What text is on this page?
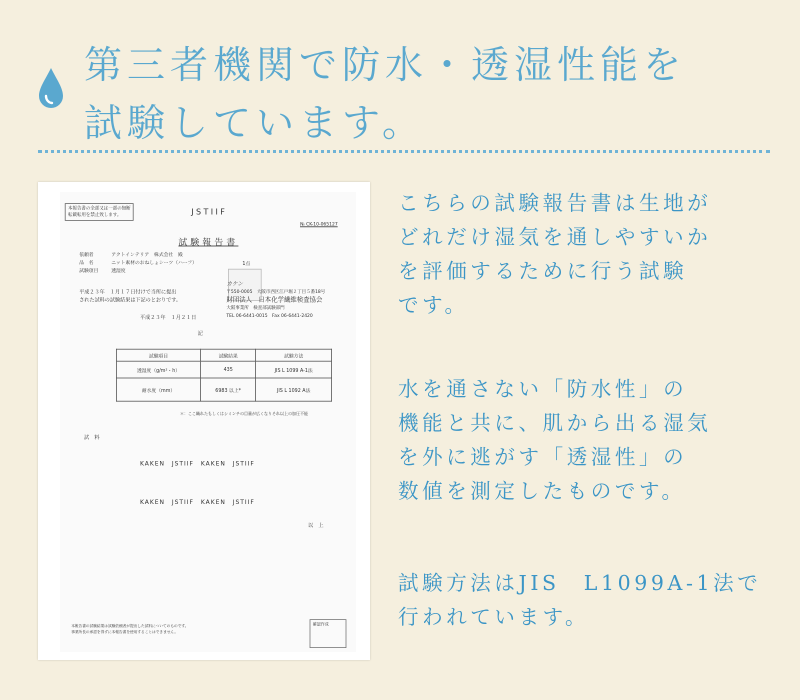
第三者機関で防水・透湿性能を
試験しています。
本報告書の全部又は一部の無断
転載転用を禁止致します。	JSTIIF
№ CK-10-065127
試験報告書
依頼者	アクトインテリア　株式会社　殿
品　名	ニット素材のおねしょシーツ（ハーフ）
試験項目 透湿度
1点
平成２３年　１月１７日付けで当所に提出
された試料の試験結果は下記のとおりです。
平成２３年　１月２１日
カケン
〒550-0005　大阪市西区江戸堀２丁目５番18号
財団法人　日本化学繊維検査協会
大阪事業所　検査部試験部門
TEL 06-6441-0015　Fax 06-6441-2420
記
試験項目	試験結果	試験方法
透湿度（g/m²・h）	435	JIS L 1099 A-1法
耐水度（mm）	6983 以上*	JIS L 1092 A法
＊：ここ織れたもしくはシミンチの目量が広くなりそれ以上の加圧不能
試　料
KAKEN　JSTIIF　KAKEN　JSTIIF
KAKEN　JSTIIF　KAKEN　JSTIIF
以　上
本報告書の試験結果は試験依頼者が提出した試料についてのものです。
事業所長の承認を得ずに本報告書を使用することはできません。
確認作成
こちらの試験報告書は生地が
どれだけ湿気を通しやすいか
を評価するために行う試験
です。
水を通さない「防水性」の
機能と共に、肌から出る湿気
を外に逃がす「透湿性」の
数値を測定したものです。
試験方法はJIS　L1099A-1法で
行われています。
